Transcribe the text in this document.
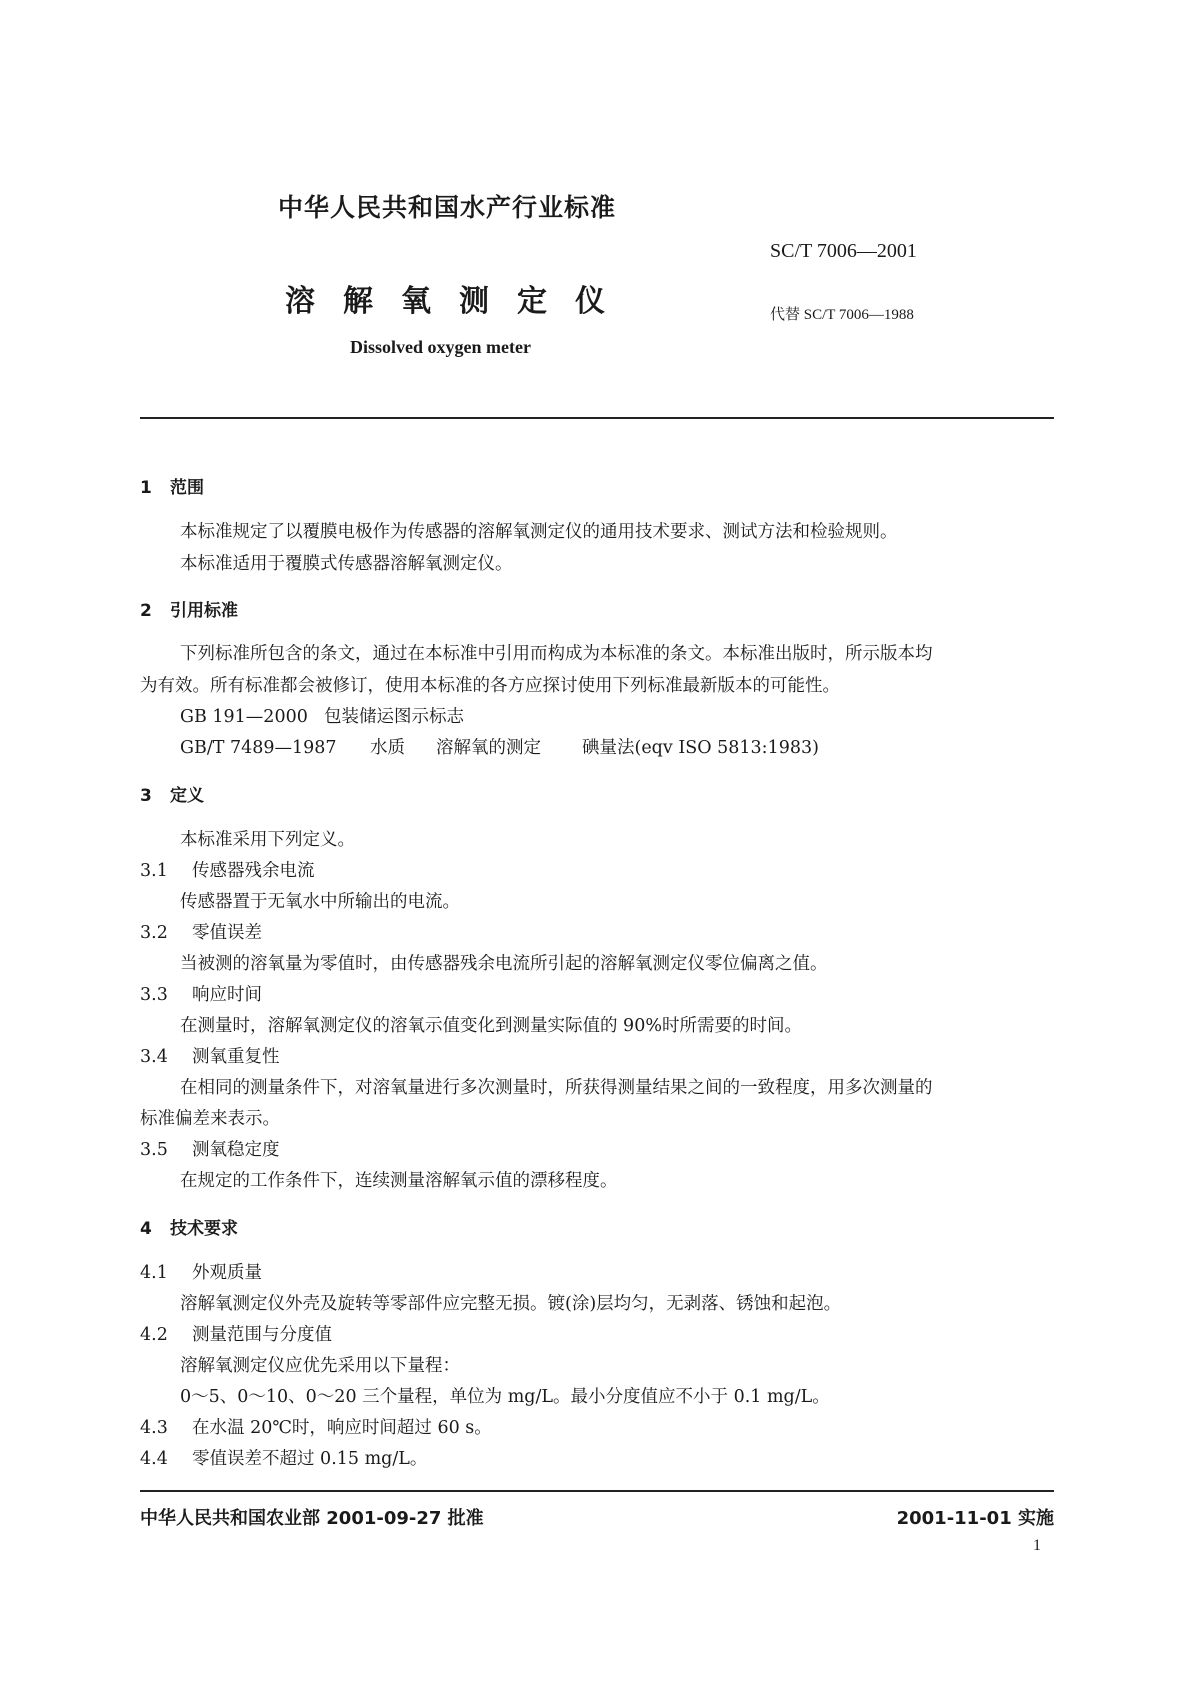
中华人民共和国水产行业标准
SC/T 7006—2001
溶解氧测定仪	代替 SC/T 7006—1988
Dissolved oxygen meter
1 范围
本标准规定了以覆膜电极作为传感器的溶解氧测定仪的通用技术要求、测试方法和检验规则。
本标准适用于覆膜式传感器溶解氧测定仪。
2 引用标准
下列标准所包含的条文，通过在本标准中引用而构成为本标准的条文。本标准出版时，所示版本均
为有效。所有标准都会被修订，使用本标准的各方应探讨使用下列标准最新版本的可能性。
GB 191—2000 包装储运图示标志
GB/T 7489—1987 水质 溶解氧的测定 碘量法(eqv ISO 5813:1983)
3 定义
本标准采用下列定义。
3.1 传感器残余电流
传感器置于无氧水中所输出的电流。
3.2 零值误差
当被测的溶氧量为零值时，由传感器残余电流所引起的溶解氧测定仪零位偏离之值。
3.3 响应时间
在测量时，溶解氧测定仪的溶氧示值变化到测量实际值的 90%时所需要的时间。
3.4 测氧重复性
在相同的测量条件下，对溶氧量进行多次测量时，所获得测量结果之间的一致程度，用多次测量的
标准偏差来表示。
3.5 测氧稳定度
在规定的工作条件下，连续测量溶解氧示值的漂移程度。
4 技术要求
4.1 外观质量
溶解氧测定仪外壳及旋转等零部件应完整无损。镀(涂)层均匀，无剥落、锈蚀和起泡。
4.2 测量范围与分度值
溶解氧测定仪应优先采用以下量程：
0～5、0～10、0～20 三个量程，单位为 mg/L。最小分度值应不小于 0.1 mg/L。
4.3 在水温 20℃时，响应时间超过 60 s。
4.4 零值误差不超过 0.15 mg/L。
中华人民共和国农业部 2001-09-27 批准	2001-11-01 实施
1
